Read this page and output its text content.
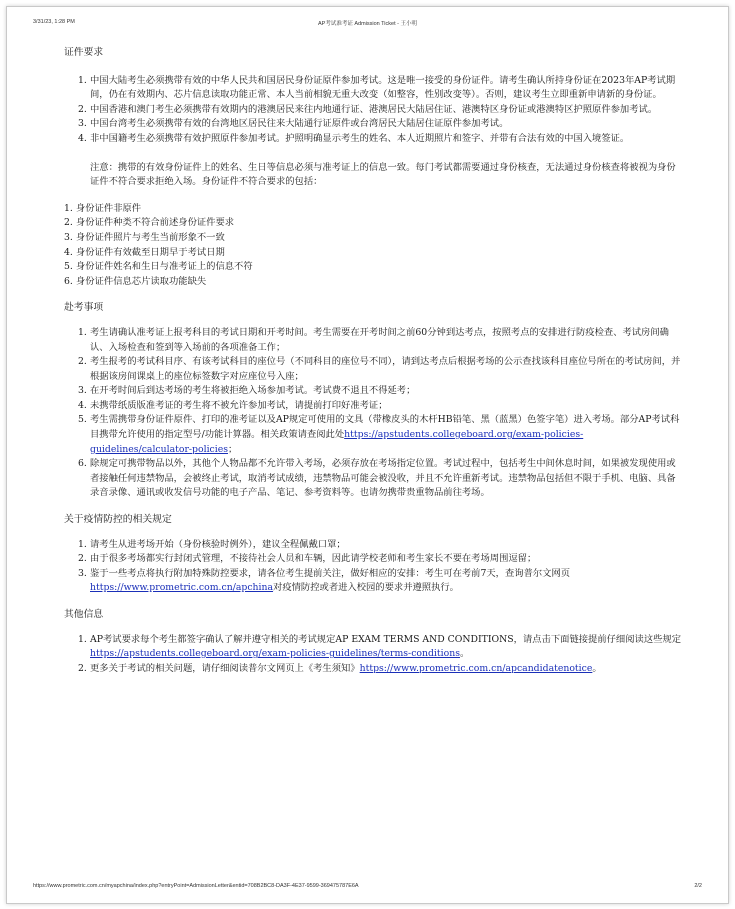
3/31/23, 1:28 PM	AP考试准考证 Admission Ticket - 王小明
证件要求
1. 中国大陆考生必须携带有效的中华人民共和国居民身份证原件参加考试。这是唯一接受的身份证件。请考生确认所持身份证在2023年AP考试期间，仍在有效期内、芯片信息读取功能正常、本人当前相貌无重大改变（如整容，性别改变等）。否则，建议考生立即重新申请新的身份证。
2. 中国香港和澳门考生必须携带有效期内的港澳居民来往内地通行证、港澳居民大陆居住证、港澳特区身份证或港澳特区护照原件参加考试。
3. 中国台湾考生必须携带有效的台湾地区居民往来大陆通行证原件或台湾居民大陆居住证原件参加考试。
4. 非中国籍考生必须携带有效护照原件参加考试。护照明确显示考生的姓名、本人近期照片和签字、并带有合法有效的中国入境签证。
注意：携带的有效身份证件上的姓名、生日等信息必须与准考证上的信息一致。每门考试都需要通过身份核查，无法通过身份核查将被视为身份证件不符合要求拒绝入场。身份证件不符合要求的包括：
1. 身份证件非原件
2. 身份证件种类不符合前述身份证件要求
3. 身份证件照片与考生当前形象不一致
4. 身份证件有效截至日期早于考试日期
5. 身份证件姓名和生日与准考证上的信息不符
6. 身份证件信息芯片读取功能缺失
赴考事项
1. 考生请确认准考证上报考科目的考试日期和开考时间。考生需要在开考时间之前60分钟到达考点，按照考点的安排进行防疫检查、考试房间确认、入场检查和签到等入场前的各项准备工作；
2. 考生报考的考试科目序、有该考试科目的座位号（不同科目的座位号不同），请到达考点后根据考场的公示查找该科目座位号所在的考试房间，并根据该房间课桌上的座位标签数字对应座位号入座；
3. 在开考时间后到达考场的考生将被拒绝入场参加考试。考试费不退且不得延考；
4. 未携带纸质版准考证的考生将不被允许参加考试，请提前打印好准考证；
5. 考生需携带身份证件原件、打印的准考证以及AP规定可使用的文具（带橡皮头的木杆HB铅笔、黑（蓝黑）色签字笔）进入考场。部分AP考试科目携带允许使用的指定型号/功能计算器。相关政策请查阅此处https://apstudents.collegeboard.org/exam-policies-guidelines/calculator-policies；
6. 除规定可携带物品以外，其他个人物品都不允许带入考场，必须存放在考场指定位置。考试过程中，包括考生中间休息时间，如果被发现使用或者接触任何违禁物品，会被终止考试，取消考试成绩，违禁物品可能会被没收，并且不允许重新考试。违禁物品包括但不限于手机、电脑、具备录音录像、通讯或收发信号功能的电子产品、笔记、参考资料等。也请勿携带贵重物品前往考场。
关于疫情防控的相关规定
1. 请考生从进考场开始（身份核验时例外），建议全程佩戴口罩；
2. 由于很多考场都实行封闭式管理，不接待社会人员和车辆，因此请学校老师和考生家长不要在考场周围逗留；
3. 鉴于一些考点将执行附加特殊防控要求，请各位考生提前关注，做好相应的安排：考生可在考前7天，查询普尔文网页https://www.prometric.com.cn/apchina对疫情防控或者进入校园的要求并遵照执行。
其他信息
1. AP考试要求每个考生都签字确认了解并遵守相关的考试规定AP EXAM TERMS AND CONDITIONS，请点击下面链接提前仔细阅读这些规定https://apstudents.collegeboard.org/exam-policies-guidelines/terms-conditions。
2. 更多关于考试的相关问题，请仔细阅读普尔文网页上《考生须知》https://www.prometric.com.cn/apcandidatenotice。
https://www.prometric.com.cn/myapchina/index.php?entryPoint=AdmissionLetter&entid=708B2BC8-DA3F-4E37-9599-369475787E6A	2/2
